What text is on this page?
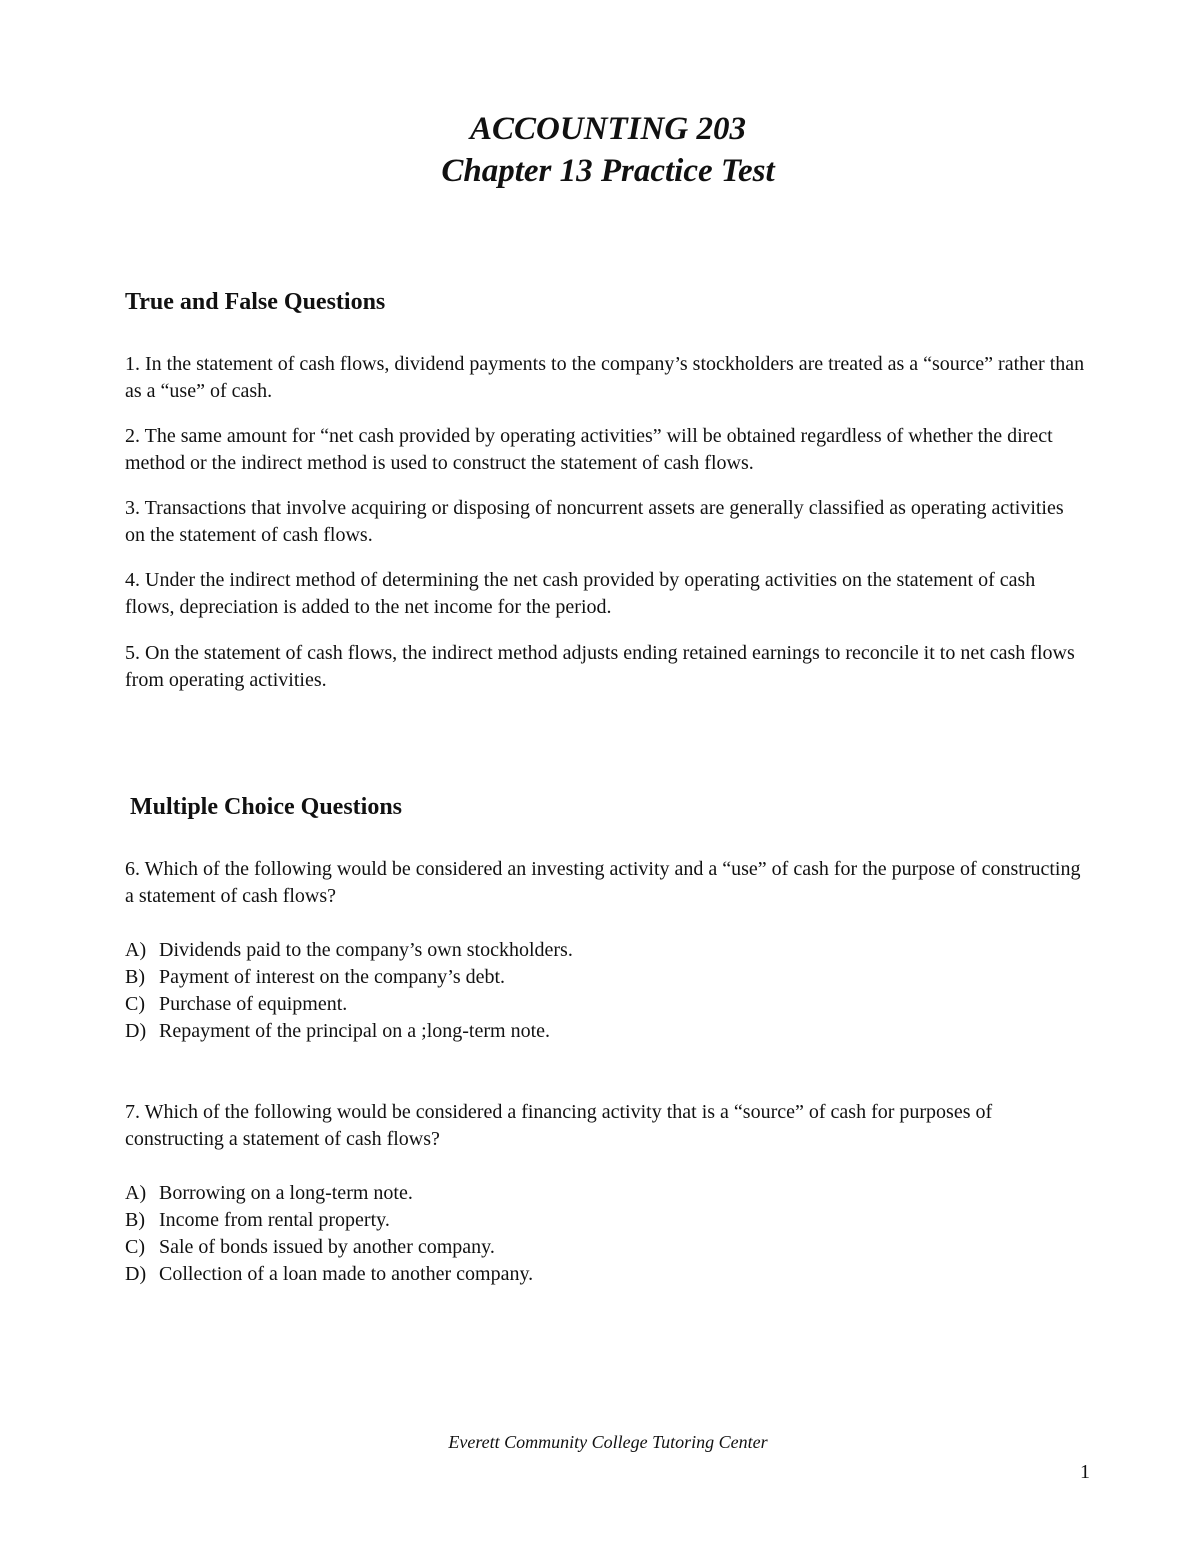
ACCOUNTING 203
Chapter 13 Practice Test
True and False Questions
1. In the statement of cash flows, dividend payments to the company’s stockholders are treated as a “source” rather than as a “use” of cash.
2. The same amount for “net cash provided by operating activities” will be obtained regardless of whether the direct method or the indirect method is used to construct the statement of cash flows.
3. Transactions that involve acquiring or disposing of noncurrent assets are generally classified as operating activities on the statement of cash flows.
4. Under the indirect method of determining the net cash provided by operating activities on the statement of cash flows, depreciation is added to the net income for the period.
5. On the statement of cash flows, the indirect method adjusts ending retained earnings to reconcile it to net cash flows from operating activities.
Multiple Choice Questions
6. Which of the following would be considered an investing activity and a “use” of cash for the purpose of constructing a statement of cash flows?
A) Dividends paid to the company’s own stockholders.
B) Payment of interest on the company’s debt.
C) Purchase of equipment.
D) Repayment of the principal on a ;long-term note.
7. Which of the following would be considered a financing activity that is a “source” of cash for purposes of constructing a statement of cash flows?
A) Borrowing on a long-term note.
B) Income from rental property.
C) Sale of bonds issued by another company.
D) Collection of a loan made to another company.
Everett Community College Tutoring Center
1
